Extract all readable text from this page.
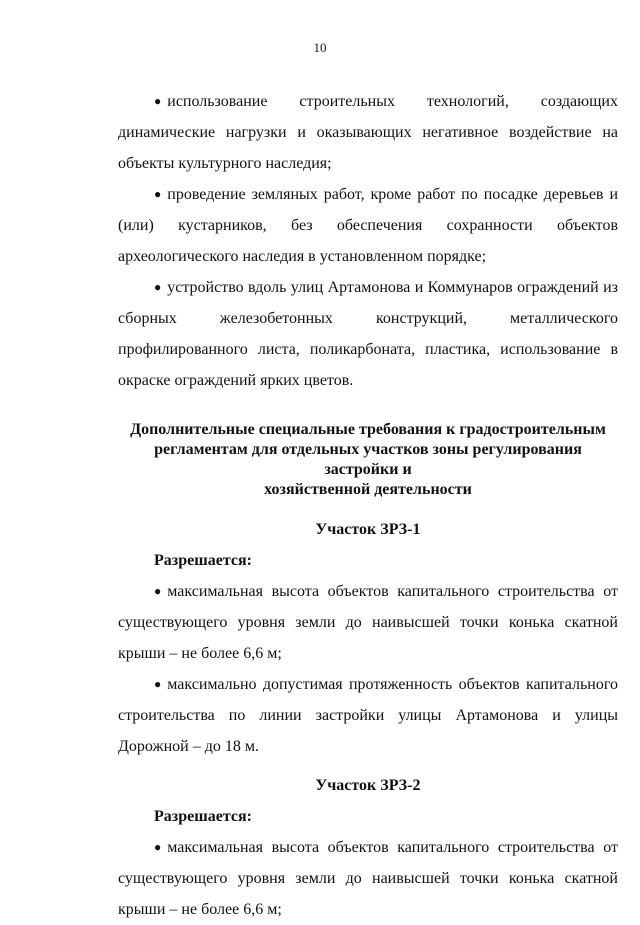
10

● использование строительных технологий, создающих динамические нагрузки и оказывающих негативное воздействие на объекты культурного наследия;

● проведение земляных работ, кроме работ по посадке деревьев и (или) кустарников, без обеспечения сохранности объектов археологического наследия в установленном порядке;

● устройство вдоль улиц Артамонова и Коммунаров ограждений из сборных железобетонных конструкций, металлического профилированного листа, поликарбоната, пластика, использование в окраске ограждений ярких цветов.

Дополнительные специальные требования к градостроительным

регламентам для отдельных участков зоны регулирования застройки и

хозяйственной деятельности

Участок ЗРЗ-1

Разрешается:

● максимальная высота объектов капитального строительства от существующего уровня земли до наивысшей точки конька скатной крыши – не более 6,6 м;

● максимально допустимая протяженность объектов капитального строительства по линии застройки улицы Артамонова и улицы Дорожной – до 18 м.

Участок ЗРЗ-2

Разрешается:

● максимальная высота объектов капитального строительства от существующего уровня земли до наивысшей точки конька скатной крыши – не более 6,6 м;
